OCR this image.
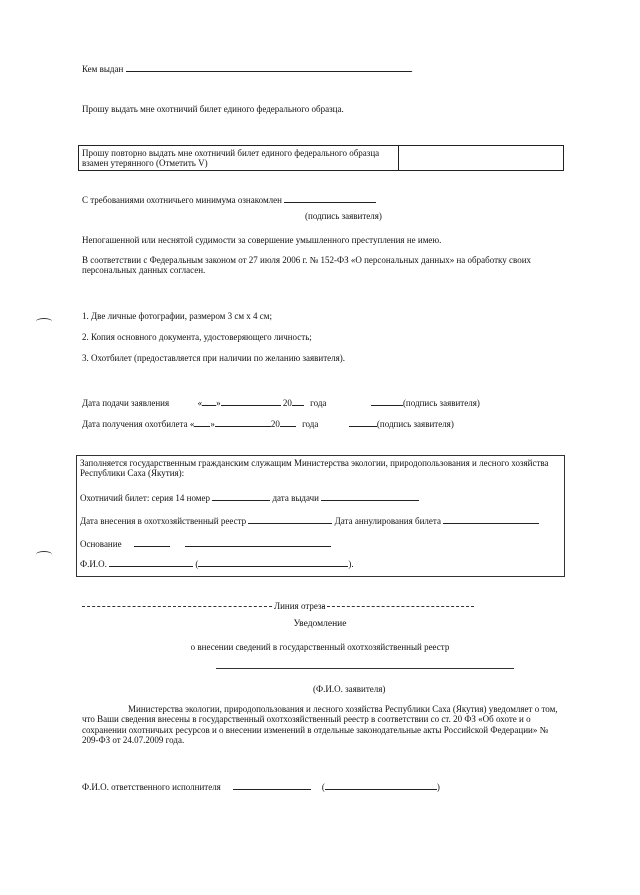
Кем выдан	.
Прошу выдать мне охотничий билет единого федерального образца.
Прошу повторно выдать мне охотничий билет единого федерального образца взамен утерянного (Отметить V)
С требованиями охотничьего минимума ознакомлен
(подпись заявителя)
Непогашенной или неснятой судимости за совершение умышленного преступления не имею.
В соответствии с Федеральным законом от 27 июля 2006 г. № 152-ФЗ «О персональных данных» на обработку своих персональных данных согласен.
1. Две личные фотографии, размером 3 см х 4 см;
2. Копия основного документа, удостоверяющего личность;
3. Охотбилет (предоставляется при наличии по желанию заявителя).
Дата подачи заявления	« »	20 года	(подпись заявителя)
Дата получения охотбилета « »	20 года	(подпись заявителя)
Заполняется государственным гражданским служащим Министерства экологии, природопользования и лесного хозяйства Республики Саха (Якутия):
Охотничий билет: серия 14 номер	дата выдачи
Дата внесения в охотхозяйственный реестр	Дата аннулирования билета
Основание
Ф.И.О.	(	).
Линия отреза
Уведомление
о внесении сведений в государственный охотхозяйственный реестр
(Ф.И.О. заявителя)
Министерства экологии, природопользования и лесного хозяйства Республики Саха (Якутия) уведомляет о том, что Ваши сведения внесены в государственный охотхозяйственный реестр в соответствии со ст. 20 ФЗ «Об охоте и о сохранении охотничьих ресурсов и о внесении изменений в отдельные законодательные акты Российской Федерации» № 209-ФЗ от 24.07.2009 года.
Ф.И.О. ответственного исполнителя	(	)
